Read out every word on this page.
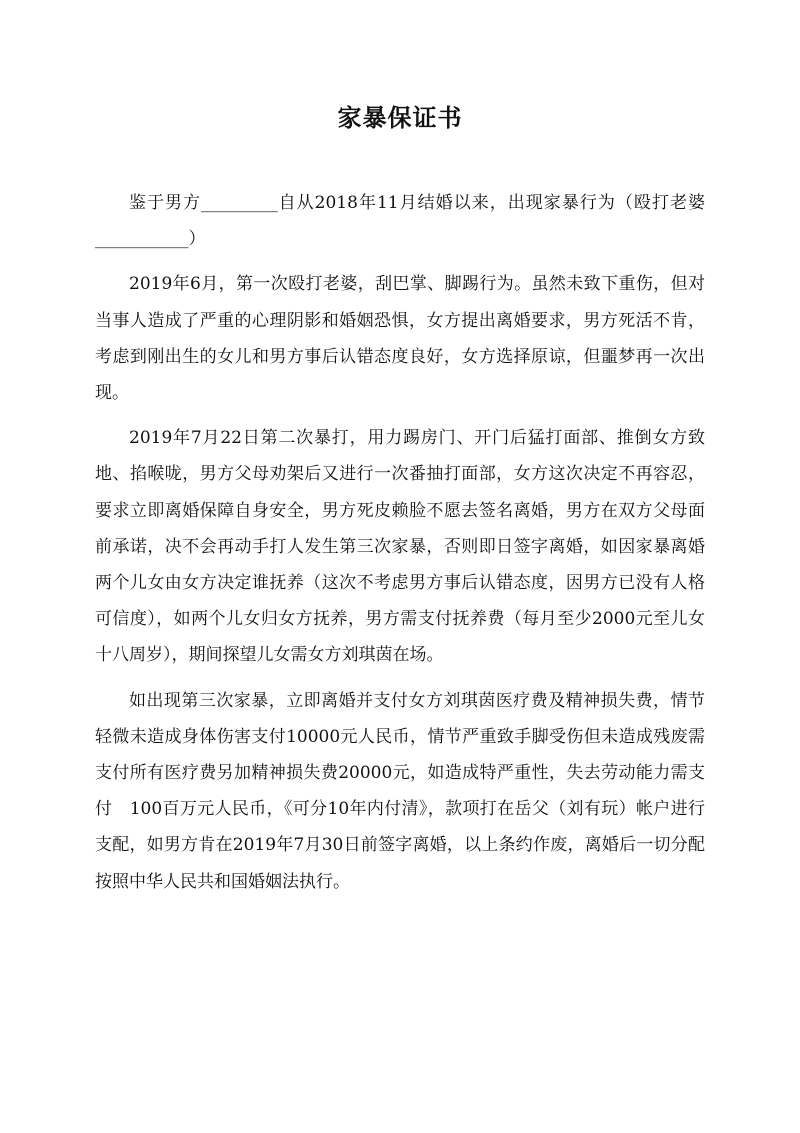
家暴保证书

鉴于男方_________自从2018年11月结婚以来，出现家暴行为（殴打老婆___________）

2019年6月，第一次殴打老婆，刮巴掌、脚踢行为。虽然未致下重伤，但对当事人造成了严重的心理阴影和婚姻恐惧，女方提出离婚要求，男方死活不肯，考虑到刚出生的女儿和男方事后认错态度良好，女方选择原谅，但噩梦再一次出现。

2019年7月22日第二次暴打，用力踢房门、开门后猛打面部、推倒女方致地、掐喉咙，男方父母劝架后又进行一次番抽打面部，女方这次决定不再容忍，要求立即离婚保障自身安全，男方死皮赖脸不愿去签名离婚，男方在双方父母面前承诺，决不会再动手打人发生第三次家暴，否则即日签字离婚，如因家暴离婚两个儿女由女方决定谁抚养（这次不考虑男方事后认错态度，因男方已没有人格可信度），如两个儿女归女方抚养，男方需支付抚养费（每月至少2000元至儿女十八周岁），期间探望儿女需女方刘琪茵在场。

如出现第三次家暴，立即离婚并支付女方刘琪茵医疗费及精神损失费，情节轻微未造成身体伤害支付10000元人民币，情节严重致手脚受伤但未造成残废需支付所有医疗费另加精神损失费20000元，如造成特严重性，失去劳动能力需支付　100百万元人民币，《可分10年内付清》，款项打在岳父（刘有玩）帐户进行支配，如男方肯在2019年7月30日前签字离婚，以上条约作废，离婚后一切分配按照中华人民共和国婚姻法执行。
